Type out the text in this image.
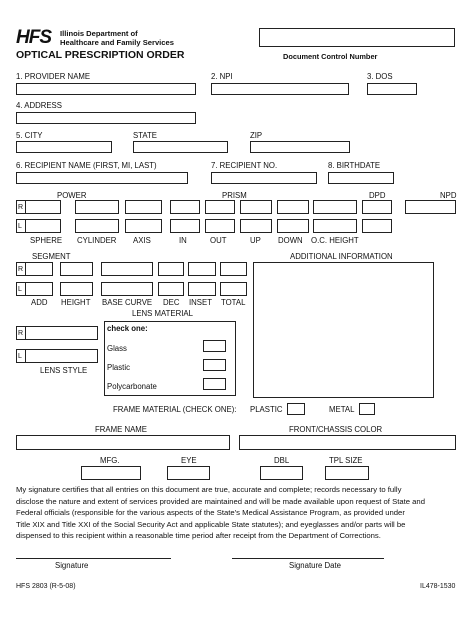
HFS Illinois Department of
Healthcare and Family Services
OPTICAL PRESCRIPTION ORDER	Document Control Number
1. PROVIDER NAME	2. NPI	3. DOS
4. ADDRESS
5. CITY	STATE	ZIP
6. RECIPIENT NAME (FIRST, MI, LAST)	7. RECIPIENT NO.	8. BIRTHDATE
POWER	PRISM	DPD	NPD
R
L
SPHERE CYLINDER AXIS	IN	OUT	UP DOWN O.C. HEIGHT
SEGMENT	ADDITIONAL INFORMATION
R
L
ADD HEIGHT BASE CURVE DEC INSET TOTAL
LENS MATERIAL
R
L
LENS STYLE
check one:
Glass
Plastic
Polycarbonate
FRAME MATERIAL (CHECK ONE): PLASTIC	METAL
FRAME NAME	FRONT/CHASSIS COLOR
MFG.	EYE	DBL	TPL SIZE
My signature certifies that all entries on this document are true, accurate and complete; records necessary to fully
disclose the nature and extent of services provided are maintained and will be made available upon request of State and
Federal officials (responsible for the various aspects of the State's Medical Assistance Program, as provided under
Title XIX and Title XXI of the Social Security Act and applicable State statutes); and eyeglasses and/or parts will be
dispensed to this recipient within a reasonable time period after receipt from the Department of Corrections.
Signature	Signature Date
HFS 2803 (R-5-08)	IL478-1530
